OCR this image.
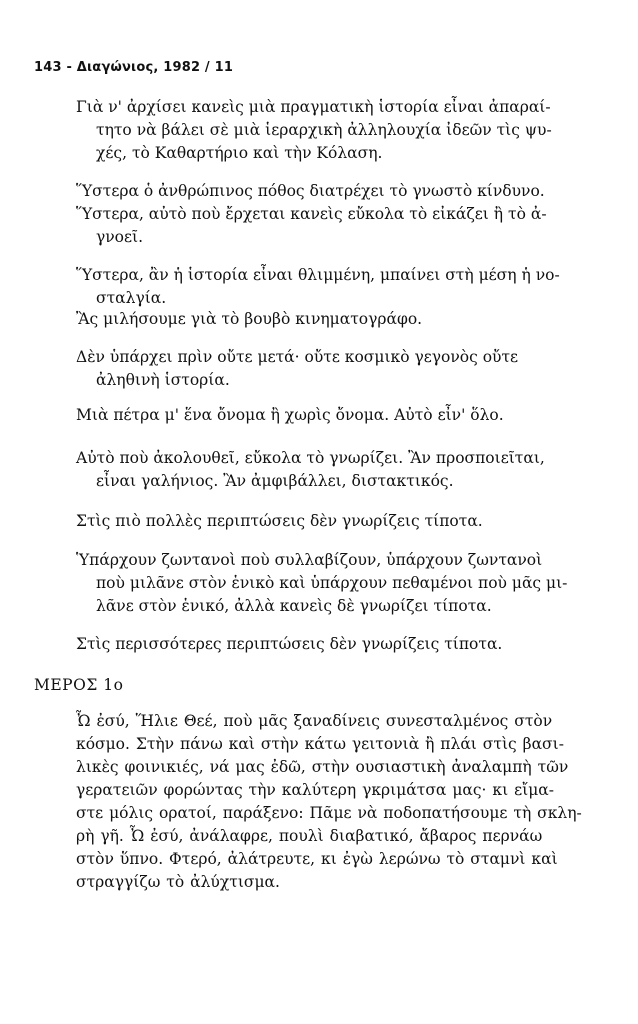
143 - Διαγώνιος, 1982 / 11
Γιὰ ν' ἀρχίσει κανεὶς μιὰ πραγματικὴ ἱστορία εἶναι ἀπαραί-
τητο νὰ βάλει σὲ μιὰ ἱεραρχικὴ ἀλληλουχία ἰδεῶν τὶς ψυ-
χές, τὸ Καθαρτήριο καὶ τὴν Κόλαση.
Ὕστερα ὁ ἀνθρώπινος πόθος διατρέχει τὸ γνωστὸ κίνδυνο.
Ὕστερα, αὐτὸ ποὺ ἔρχεται κανεὶς εὔκολα τὸ εἰκάζει ἢ τὸ ἀ-
γνοεῖ.
Ὕστερα, ἂν ἡ ἱστορία εἶναι θλιμμένη, μπαίνει στὴ μέση ἡ νο-
σταλγία.
Ἂς μιλήσουμε γιὰ τὸ βουβὸ κινηματογράφο.
Δὲν ὑπάρχει πρὶν οὔτε μετά· οὔτε κοσμικὸ γεγονὸς οὔτε
ἀληθινὴ ἱστορία.
Μιὰ πέτρα μ' ἕνα ὄνομα ἢ χωρὶς ὄνομα. Αὐτὸ εἶν' ὅλο.
Αὐτὸ ποὺ ἀκολουθεῖ, εὔκολα τὸ γνωρίζει. Ἂν προσποιεῖται,
εἶναι γαλήνιος. Ἂν ἀμφιβάλλει, διστακτικός.
Στὶς πιὸ πολλὲς περιπτώσεις δὲν γνωρίζεις τίποτα.
Ὑπάρχουν ζωντανοὶ ποὺ συλλαβίζουν, ὑπάρχουν ζωντανοὶ
ποὺ μιλᾶνε στὸν ἑνικὸ καὶ ὑπάρχουν πεθαμένοι ποὺ μᾶς μι-
λᾶνε στὸν ἑνικό, ἀλλὰ κανεὶς δὲ γνωρίζει τίποτα.
Στὶς περισσότερες περιπτώσεις δὲν γνωρίζεις τίποτα.
ΜΕΡΟΣ 1ο
Ὦ ἐσύ, Ἥλιε Θεέ, ποὺ μᾶς ξαναδίνεις συνεσταλμένος στὸν
κόσμο. Στὴν πάνω καὶ στὴν κάτω γειτονιὰ ἢ πλάι στὶς βασι-
λικὲς φοινικιές, νά μας ἐδῶ, στὴν ουσιαστικὴ ἀναλαμπὴ τῶν
γερατειῶν φορώντας τὴν καλύτερη γκριμάτσα μας· κι εἴμα-
στε μόλις ορατοί, παράξενο: Πᾶμε νὰ ποδοπατήσουμε τὴ σκλη-
ρὴ γῆ. Ὦ ἐσύ, ἀνάλαφρε, πουλὶ διαβατικό, ἄβαρος περνάω
στὸν ὕπνο. Φτερό, ἀλάτρευτε, κι ἐγὼ λερώνω τὸ σταμνὶ καὶ
στραγγίζω τὸ ἀλύχτισμα.
